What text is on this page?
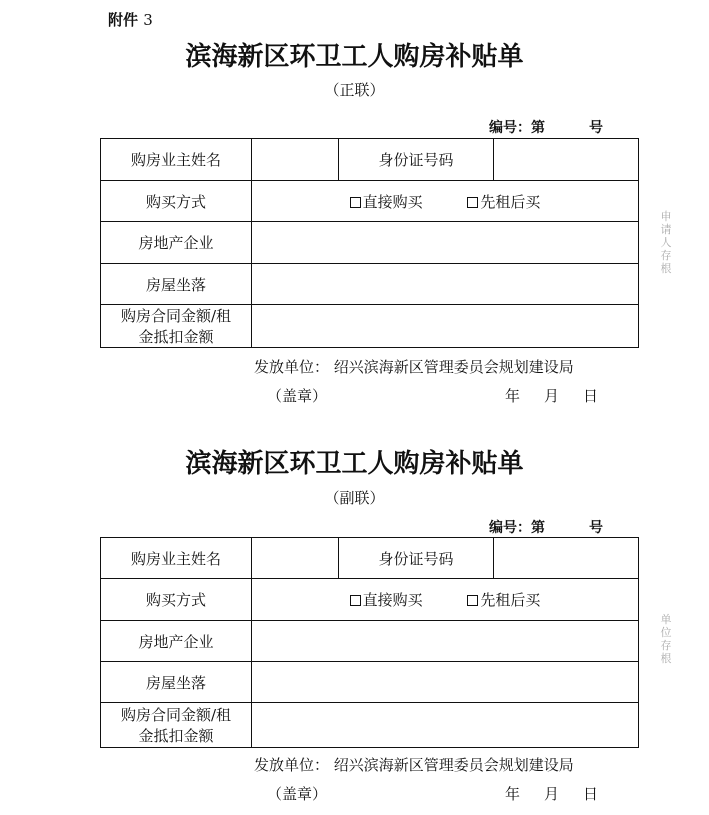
附件 3
滨海新区环卫工人购房补贴单
（正联）
编号：第	号
购房业主姓名		身份证号码	
购买方式	直接购买 先租后买		
房地产企业			
房屋坐落			

购房合同金额/租
金抵扣金额			

发放单位： 绍兴滨海新区管理委员会规划建设局
（盖章）	年 月 日
申请人存根
滨海新区环卫工人购房补贴单
（副联）
编号：第	号
购房业主姓名		身份证号码	
购买方式	直接购买 先租后买		
房地产企业			
房屋坐落			

购房合同金额/租
金抵扣金额			

发放单位： 绍兴滨海新区管理委员会规划建设局
（盖章）	年 月 日
单位存根
